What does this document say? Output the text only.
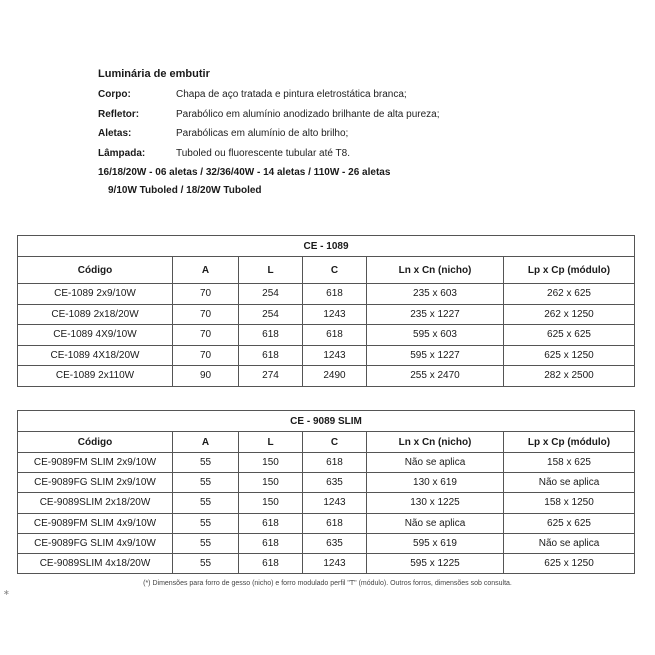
Luminária de embutir
Corpo:	Chapa de aço tratada e pintura eletrostática branca;
Refletor:	Parabólico em alumínio anodizado brilhante de alta pureza;
Aletas:	Parabólicas em alumínio de alto brilho;
Lâmpada:	Tuboled ou fluorescente tubular até T8.
16/18/20W - 06 aletas / 32/36/40W - 14 aletas / 110W - 26 aletas
9/10W Tuboled / 18/20W Tuboled
CE - 1089					
Código	A	L	C	Ln x Cn (nicho)	Lp x Cp (módulo)
CE-1089 2x9/10W	70	254	618	235 x 603	262 x 625
CE-1089 2x18/20W	70	254	1243	235 x 1227	262 x 1250
CE-1089 4X9/10W	70	618	618	595 x 603	625 x 625
CE-1089 4X18/20W	70	618	1243	595 x 1227	625 x 1250
CE-1089 2x110W	90	274	2490	255 x 2470	282 x 2500
CE - 9089 SLIM					
Código	A	L	C	Ln x Cn (nicho)	Lp x Cp (módulo)
CE-9089FM SLIM 2x9/10W	55	150	618	Não se aplica	158 x 625
CE-9089FG SLIM 2x9/10W	55	150	635	130 x 619	Não se aplica
CE-9089SLIM 2x18/20W	55	150	1243	130 x 1225	158 x 1250
CE-9089FM SLIM 4x9/10W	55	618	618	Não se aplica	625 x 625
CE-9089FG SLIM 4x9/10W	55	618	635	595 x 619	Não se aplica
CE-9089SLIM 4x18/20W	55	618	1243	595 x 1225	625 x 1250
(*) Dimensões para forro de gesso (nicho) e forro modulado perfil "T" (módulo). Outros forros, dimensões sob consulta.
∗
